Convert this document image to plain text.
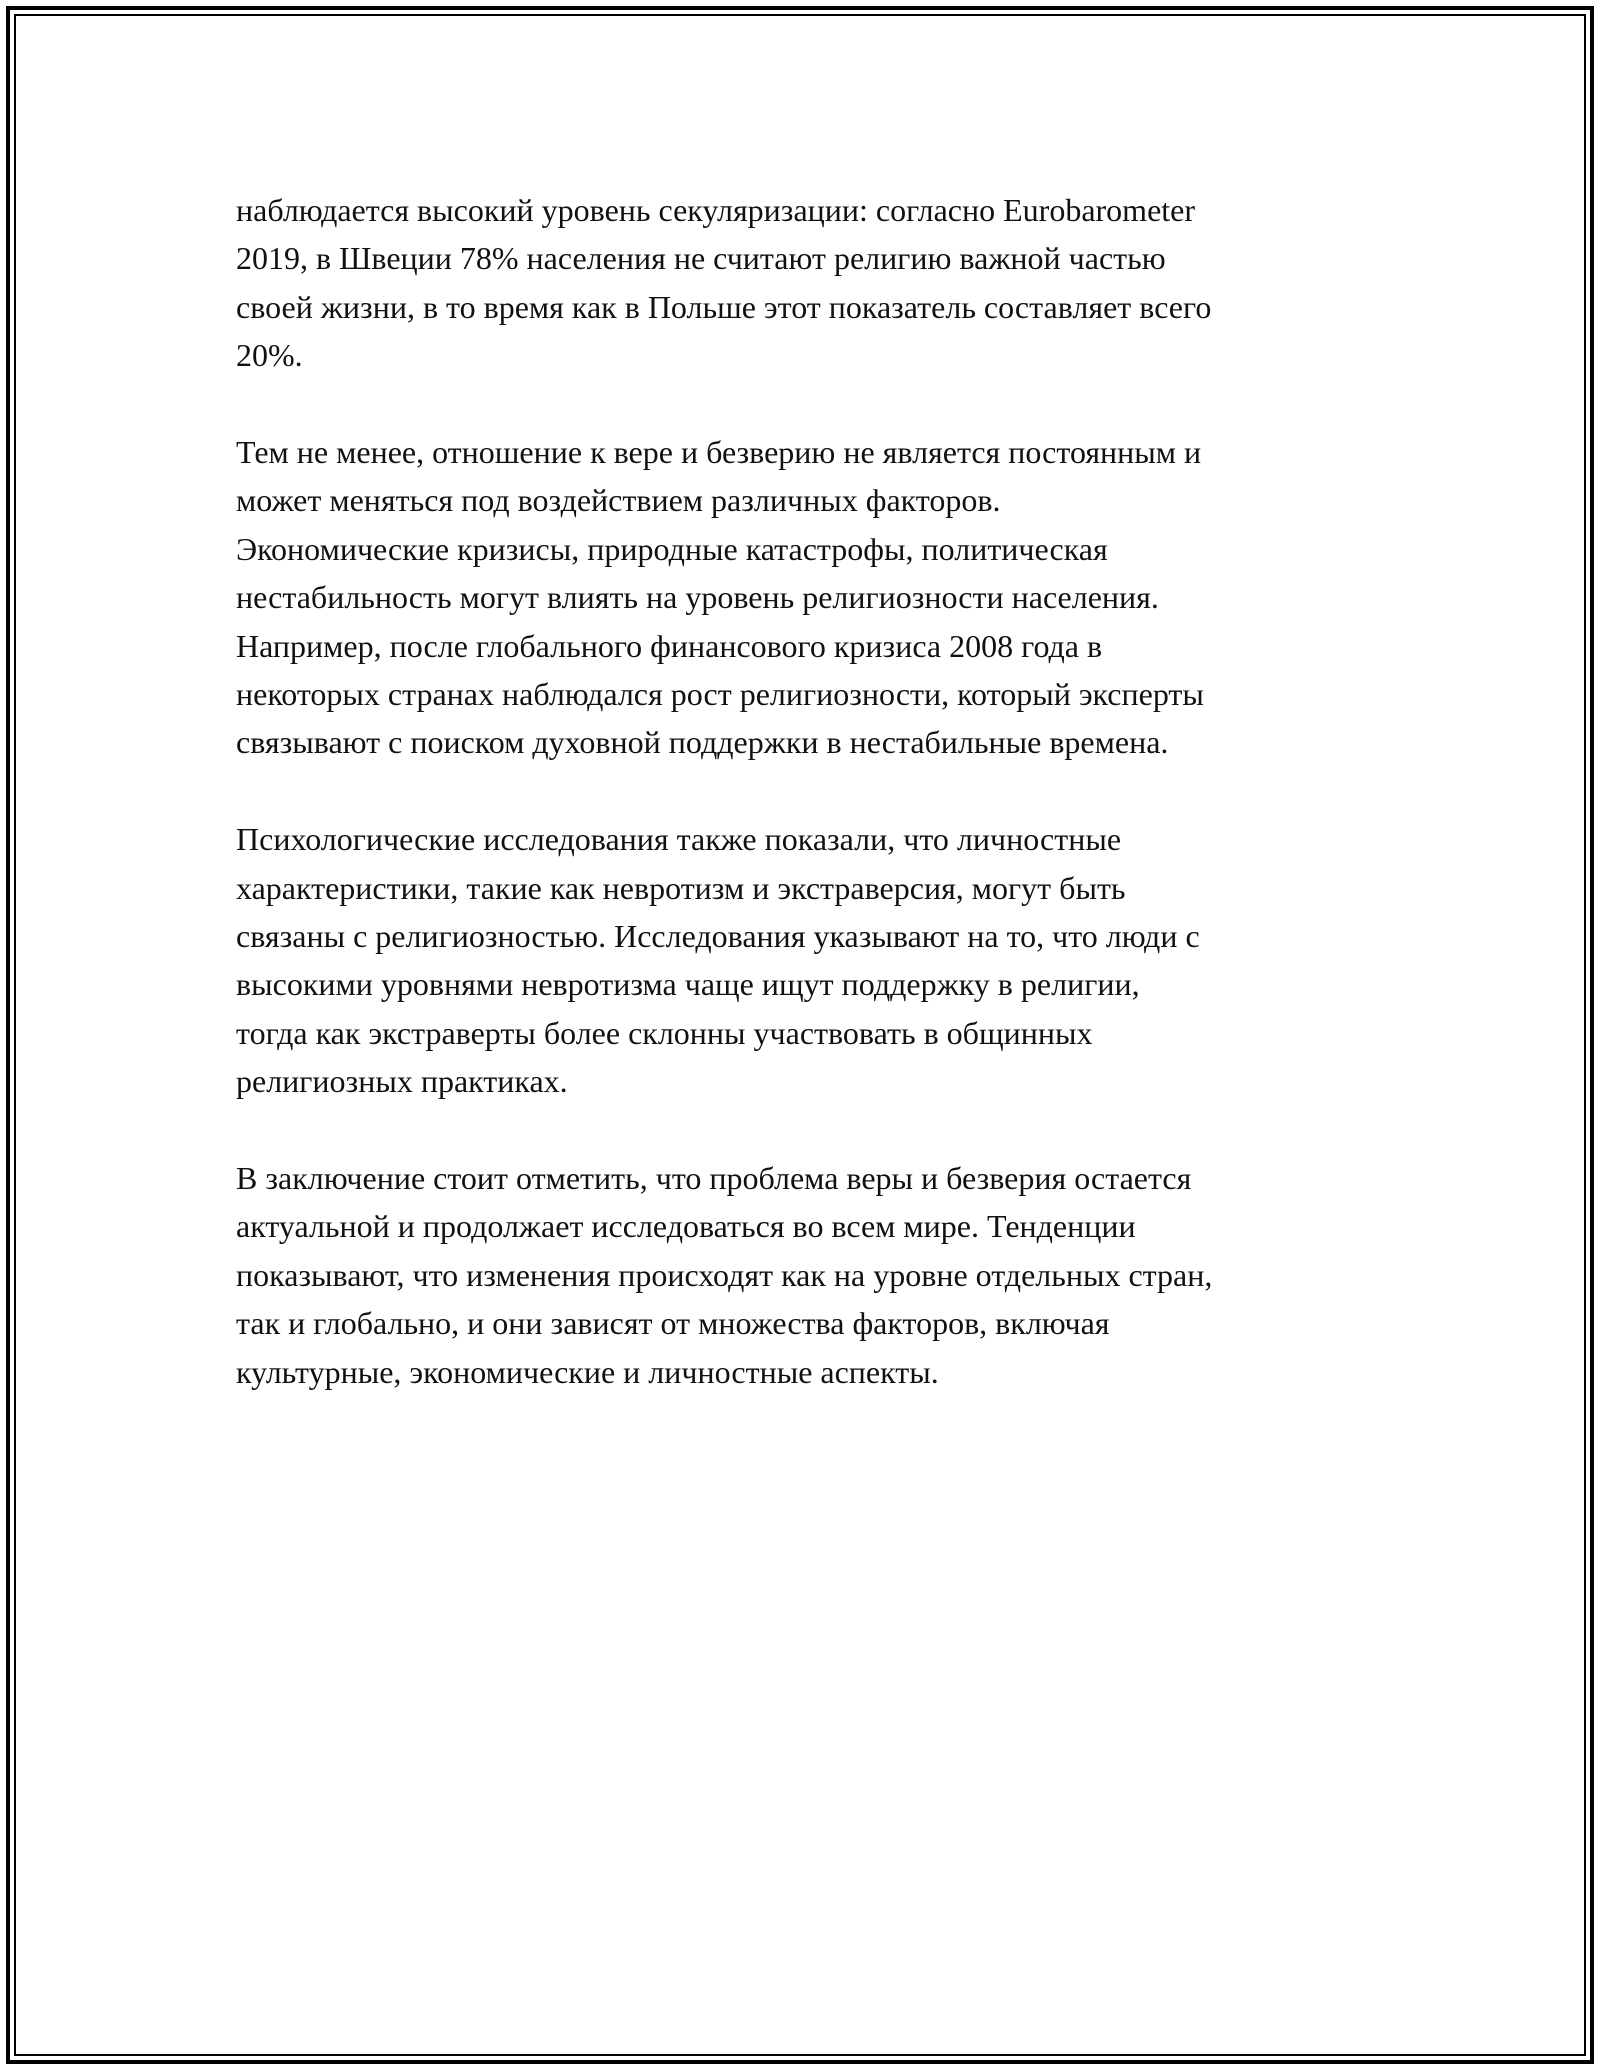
наблюдается высокий уровень секуляризации: согласно Eurobarometer
2019, в Швеции 78% населения не считают религию важной частью
своей жизни, в то время как в Польше этот показатель составляет всего
20%.

Тем не менее, отношение к вере и безверию не является постоянным и
может меняться под воздействием различных факторов.
Экономические кризисы, природные катастрофы, политическая
нестабильность могут влиять на уровень религиозности населения.
Например, после глобального финансового кризиса 2008 года в
некоторых странах наблюдался рост религиозности, который эксперты
связывают с поиском духовной поддержки в нестабильные времена.

Психологические исследования также показали, что личностные
характеристики, такие как невротизм и экстраверсия, могут быть
связаны с религиозностью. Исследования указывают на то, что люди с
высокими уровнями невротизма чаще ищут поддержку в религии,
тогда как экстраверты более склонны участвовать в общинных
религиозных практиках.

В заключение стоит отметить, что проблема веры и безверия остается
актуальной и продолжает исследоваться во всем мире. Тенденции
показывают, что изменения происходят как на уровне отдельных стран,
так и глобально, и они зависят от множества факторов, включая
культурные, экономические и личностные аспекты.
